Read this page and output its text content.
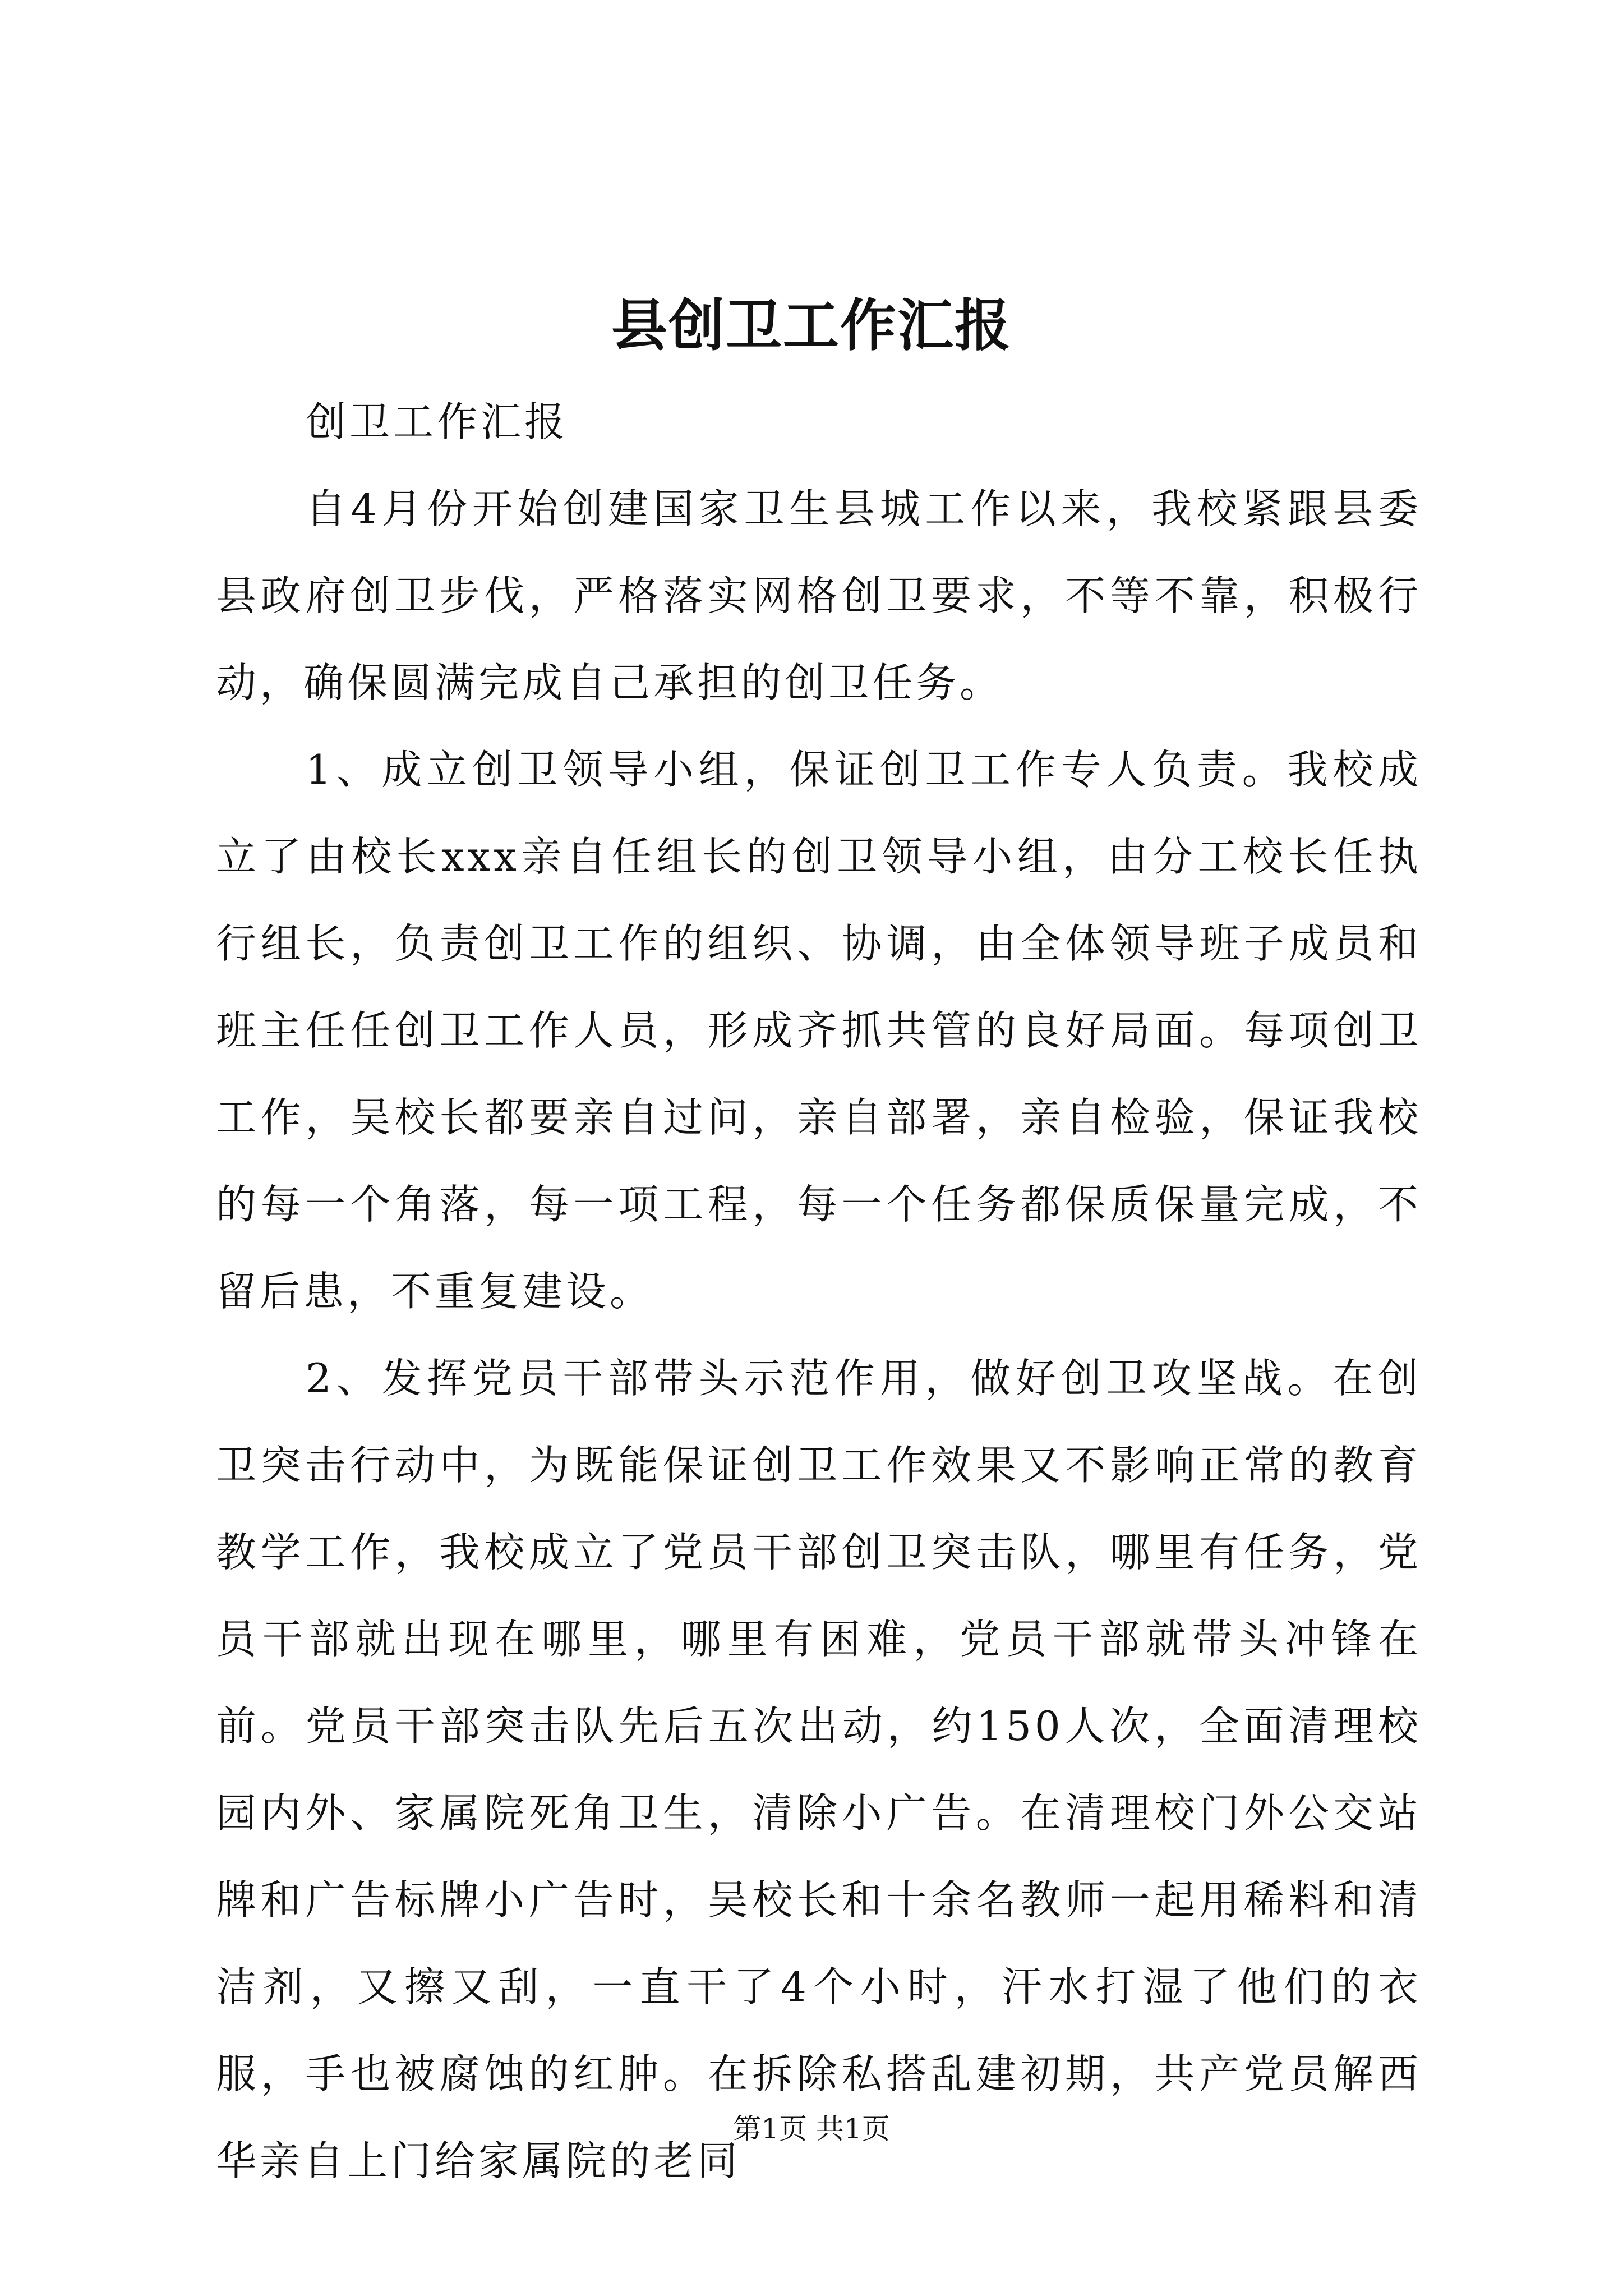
县创卫工作汇报

创卫工作汇报

自4月份开始创建国家卫生县城工作以来，我校紧跟县委县政府创卫步伐，严格落实网格创卫要求，不等不靠，积极行动，确保圆满完成自己承担的创卫任务。

1、成立创卫领导小组，保证创卫工作专人负责。我校成立了由校长xxx亲自任组长的创卫领导小组，由分工校长任执行组长，负责创卫工作的组织、协调，由全体领导班子成员和班主任任创卫工作人员，形成齐抓共管的良好局面。每项创卫工作，吴校长都要亲自过问，亲自部署，亲自检验，保证我校的每一个角落，每一项工程，每一个任务都保质保量完成，不留后患，不重复建设。

2、发挥党员干部带头示范作用，做好创卫攻坚战。在创卫突击行动中，为既能保证创卫工作效果又不影响正常的教育教学工作，我校成立了党员干部创卫突击队，哪里有任务，党员干部就出现在哪里，哪里有困难，党员干部就带头冲锋在前。党员干部突击队先后五次出动，约150人次，全面清理校园内外、家属院死角卫生，清除小广告。在清理校门外公交站牌和广告标牌小广告时，吴校长和十余名教师一起用稀料和清洁剂，又擦又刮，一直干了4个小时，汗水打湿了他们的衣服，手也被腐蚀的红肿。在拆除私搭乱建初期，共产党员解西华亲自上门给家属院的老同

第1页 共1页
